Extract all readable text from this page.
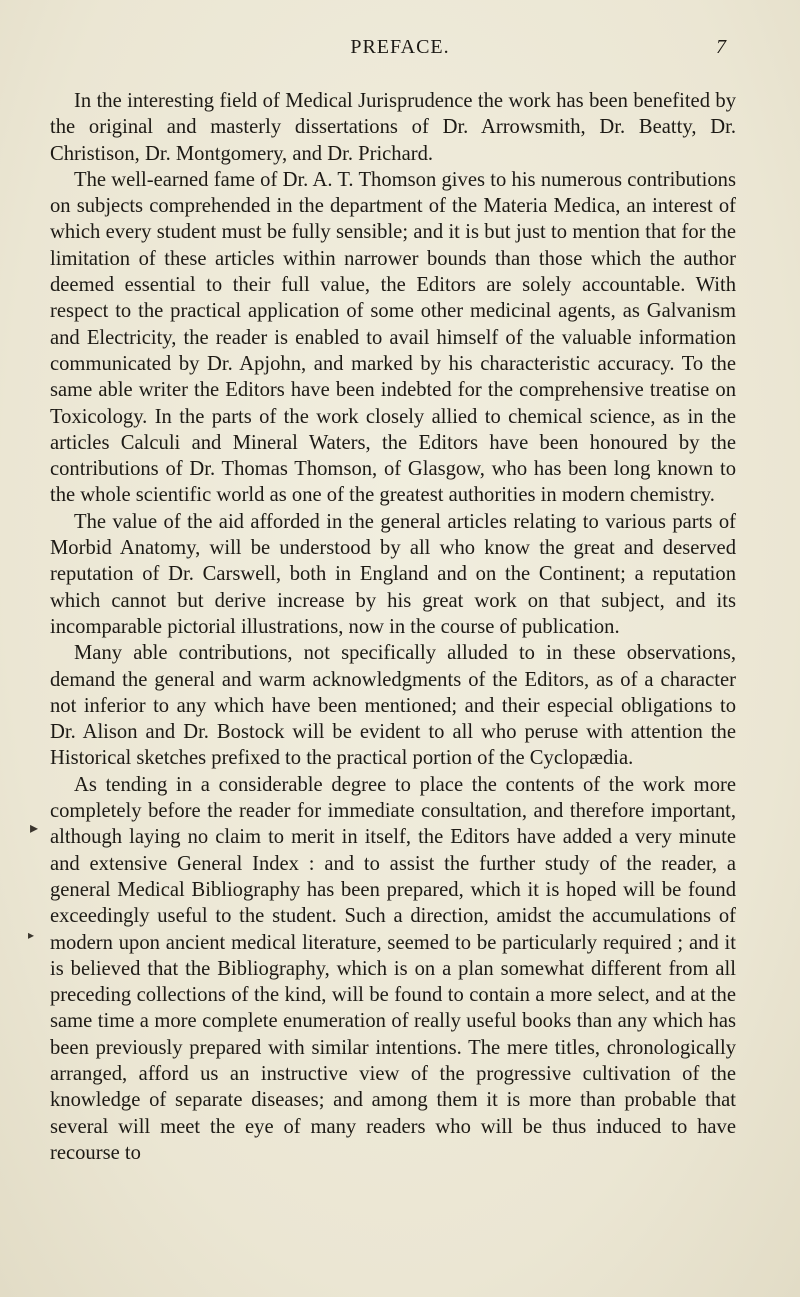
PREFACE.	7

In the interesting field of Medical Jurisprudence the work has been benefited by the original and masterly dissertations of Dr. Arrowsmith, Dr. Beatty, Dr. Christison, Dr. Montgomery, and Dr. Prichard.

The well-earned fame of Dr. A. T. Thomson gives to his numerous contributions on subjects comprehended in the department of the Materia Medica, an interest of which every student must be fully sensible; and it is but just to mention that for the limitation of these articles within narrower bounds than those which the author deemed essential to their full value, the Editors are solely accountable. With respect to the practical application of some other medicinal agents, as Galvanism and Electricity, the reader is enabled to avail himself of the valuable information communicated by Dr. Apjohn, and marked by his characteristic accuracy. To the same able writer the Editors have been indebted for the comprehensive treatise on Toxicology. In the parts of the work closely allied to chemical science, as in the articles Calculi and Mineral Waters, the Editors have been honoured by the contributions of Dr. Thomas Thomson, of Glasgow, who has been long known to the whole scientific world as one of the greatest authorities in modern chemistry.

The value of the aid afforded in the general articles relating to various parts of Morbid Anatomy, will be understood by all who know the great and deserved reputation of Dr. Carswell, both in England and on the Continent; a reputation which cannot but derive increase by his great work on that subject, and its incomparable pictorial illustrations, now in the course of publication.

Many able contributions, not specifically alluded to in these observations, demand the general and warm acknowledgments of the Editors, as of a character not inferior to any which have been mentioned; and their especial obligations to Dr. Alison and Dr. Bostock will be evident to all who peruse with attention the Historical sketches prefixed to the practical portion of the Cyclopædia.

As tending in a considerable degree to place the contents of the work more completely before the reader for immediate consultation, and therefore important, although laying no claim to merit in itself, the Editors have added a very minute and extensive General Index : and to assist the further study of the reader, a general Medical Bibliography has been prepared, which it is hoped will be found exceedingly useful to the student. Such a direction, amidst the accumulations of modern upon ancient medical literature, seemed to be particularly required ; and it is believed that the Bibliography, which is on a plan somewhat different from all preceding collections of the kind, will be found to contain a more select, and at the same time a more complete enumeration of really useful books than any which has been previously prepared with similar intentions. The mere titles, chronologically arranged, afford us an instructive view of the progressive cultivation of the knowledge of separate diseases; and among them it is more than probable that several will meet the eye of many readers who will be thus induced to have recourse to

▸
▸
